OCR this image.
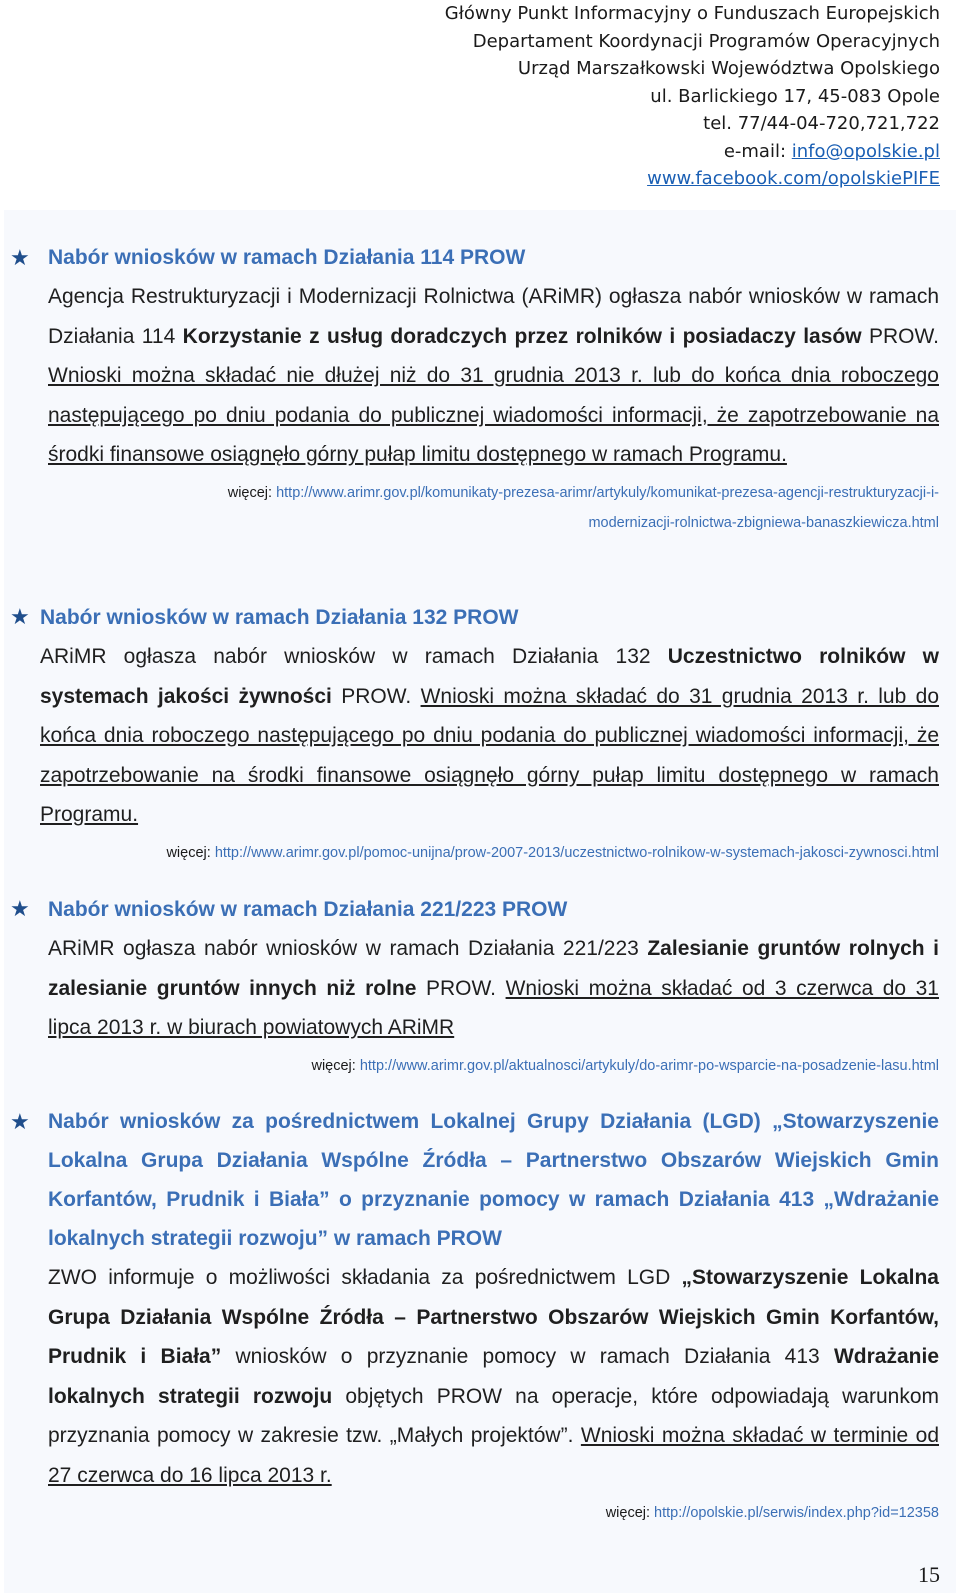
Główny Punkt Informacyjny o Funduszach Europejskich
Departament Koordynacji Programów Operacyjnych
Urząd Marszałkowski Województwa Opolskiego
ul. Barlickiego 17, 45-083 Opole
tel. 77/44-04-720,721,722
e-mail: info@opolskie.pl
www.facebook.com/opolskiePIFE
★ Nabór wniosków w ramach Działania 114 PROW

Agencja Restrukturyzacji i Modernizacji Rolnictwa (ARiMR) ogłasza nabór wniosków w ramach Działania 114 Korzystanie z usług doradczych przez rolników i posiadaczy lasów PROW. Wnioski można składać nie dłużej niż do 31 grudnia 2013 r. lub do końca dnia roboczego następującego po dniu podania do publicznej wiadomości informacji, że zapotrzebowanie na środki finansowe osiągnęło górny pułap limitu dostępnego w ramach Programu.

więcej: http://www.arimr.gov.pl/komunikaty-prezesa-arimr/artykuly/komunikat-prezesa-agencji-restrukturyzacji-i-

modernizacji-rolnictwa-zbigniewa-banaszkiewicza.html

★ Nabór wniosków w ramach Działania 132 PROW

ARiMR ogłasza nabór wniosków w ramach Działania 132 Uczestnictwo rolników w systemach jakości żywności PROW. Wnioski można składać do 31 grudnia 2013 r. lub do końca dnia roboczego następującego po dniu podania do publicznej wiadomości informacji, że zapotrzebowanie na środki finansowe osiągnęło górny pułap limitu dostępnego w ramach Programu.

więcej: http://www.arimr.gov.pl/pomoc-unijna/prow-2007-2013/uczestnictwo-rolnikow-w-systemach-jakosci-zywnosci.html

★ Nabór wniosków w ramach Działania 221/223 PROW

ARiMR ogłasza nabór wniosków w ramach Działania 221/223 Zalesianie gruntów rolnych i zalesianie gruntów innych niż rolne PROW. Wnioski można składać od 3 czerwca do 31 lipca 2013 r. w biurach powiatowych ARiMR

więcej: http://www.arimr.gov.pl/aktualnosci/artykuly/do-arimr-po-wsparcie-na-posadzenie-lasu.html

★ Nabór wniosków za pośrednictwem Lokalnej Grupy Działania (LGD) „Stowarzyszenie Lokalna Grupa Działania Wspólne Źródła – Partnerstwo Obszarów Wiejskich Gmin Korfantów, Prudnik i Biała” o przyznanie pomocy w ramach Działania 413 „Wdrażanie lokalnych strategii rozwoju” w ramach PROW

ZWO informuje o możliwości składania za pośrednictwem LGD „Stowarzyszenie Lokalna Grupa Działania Wspólne Źródła – Partnerstwo Obszarów Wiejskich Gmin Korfantów, Prudnik i Biała” wniosków o przyznanie pomocy w ramach Działania 413 Wdrażanie lokalnych strategii rozwoju objętych PROW na operacje, które odpowiadają warunkom przyznania pomocy w zakresie tzw. „Małych projektów”. Wnioski można składać w terminie od 27 czerwca do 16 lipca 2013 r.

więcej: http://opolskie.pl/serwis/index.php?id=12358

15
